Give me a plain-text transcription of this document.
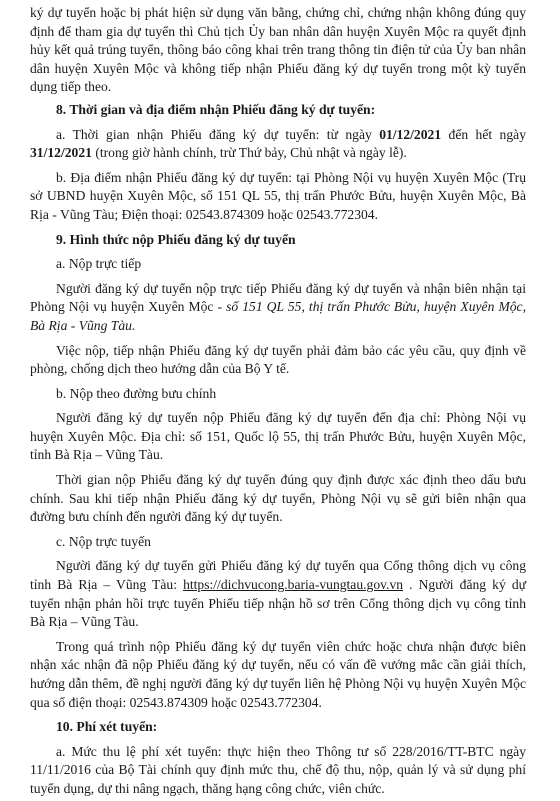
ký dự tuyển hoặc bị phát hiện sử dụng văn bằng, chứng chỉ, chứng nhận không đúng quy định để tham gia dự tuyển thì Chủ tịch Ủy ban nhân dân huyện Xuyên Mộc ra quyết định hủy kết quả trúng tuyển, thông báo công khai trên trang thông tin điện tử của Ủy ban nhân dân huyện Xuyên Mộc và không tiếp nhận Phiếu đăng ký dự tuyển trong một kỳ tuyển dụng tiếp theo.

8. Thời gian và địa điểm nhận Phiếu đăng ký dự tuyển:

a. Thời gian nhận Phiếu đăng ký dự tuyển: từ ngày 01/12/2021 đến hết ngày 31/12/2021 (trong giờ hành chính, trừ Thứ bảy, Chủ nhật và ngày lễ).

b. Địa điểm nhận Phiếu đăng ký dự tuyển: tại Phòng Nội vụ huyện Xuyên Mộc (Trụ sở UBND huyện Xuyên Mộc, số 151 QL 55, thị trấn Phước Bửu, huyện Xuyên Mộc, Bà Rịa - Vũng Tàu; Điện thoại: 02543.874309 hoặc 02543.772304.

9. Hình thức nộp Phiếu đăng ký dự tuyển

a. Nộp trực tiếp

Người đăng ký dự tuyển nộp trực tiếp Phiếu đăng ký dự tuyển và nhận biên nhận tại Phòng Nội vụ huyện Xuyên Mộc - số 151 QL 55, thị trấn Phước Bửu, huyện Xuyên Mộc, Bà Rịa - Vũng Tàu.

Việc nộp, tiếp nhận Phiếu đăng ký dự tuyển phải đảm bảo các yêu cầu, quy định về phòng, chống dịch theo hướng dẫn của Bộ Y tế.

b. Nộp theo đường bưu chính

Người đăng ký dự tuyển nộp Phiếu đăng ký dự tuyển đến địa chỉ: Phòng Nội vụ huyện Xuyên Mộc. Địa chỉ: số 151, Quốc lộ 55, thị trấn Phước Bửu, huyện Xuyên Mộc, tỉnh Bà Rịa – Vũng Tàu.

Thời gian nộp Phiếu đăng ký dự tuyển đúng quy định được xác định theo dấu bưu chính. Sau khi tiếp nhận Phiếu đăng ký dự tuyển, Phòng Nội vụ sẽ gửi biên nhận qua đường bưu chính đến người đăng ký dự tuyển.

c. Nộp trực tuyến

Người đăng ký dự tuyển gửi Phiếu đăng ký dự tuyển qua Cổng thông dịch vụ công tỉnh Bà Rịa – Vũng Tàu: https://dichvucong.baria-vungtau.gov.vn . Người đăng ký dự tuyển nhận phản hồi trực tuyến Phiếu tiếp nhận hồ sơ trên Cổng thông dịch vụ công tỉnh Bà Rịa – Vũng Tàu.

Trong quá trình nộp Phiếu đăng ký dự tuyển viên chức hoặc chưa nhận được biên nhận xác nhận đã nộp Phiếu đăng ký dự tuyển, nếu có vấn đề vướng mắc cần giải thích, hướng dẫn thêm, đề nghị người đăng ký dự tuyển liên hệ Phòng Nội vụ huyện Xuyên Mộc qua số điện thoại: 02543.874309 hoặc 02543.772304.

10. Phí xét tuyển:

a. Mức thu lệ phí xét tuyển: thực hiện theo Thông tư số 228/2016/TT-BTC ngày 11/11/2016 của Bộ Tài chính quy định mức thu, chế độ thu, nộp, quản lý và sử dụng phí tuyển dụng, dự thi nâng ngạch, thăng hạng công chức, viên chức.
